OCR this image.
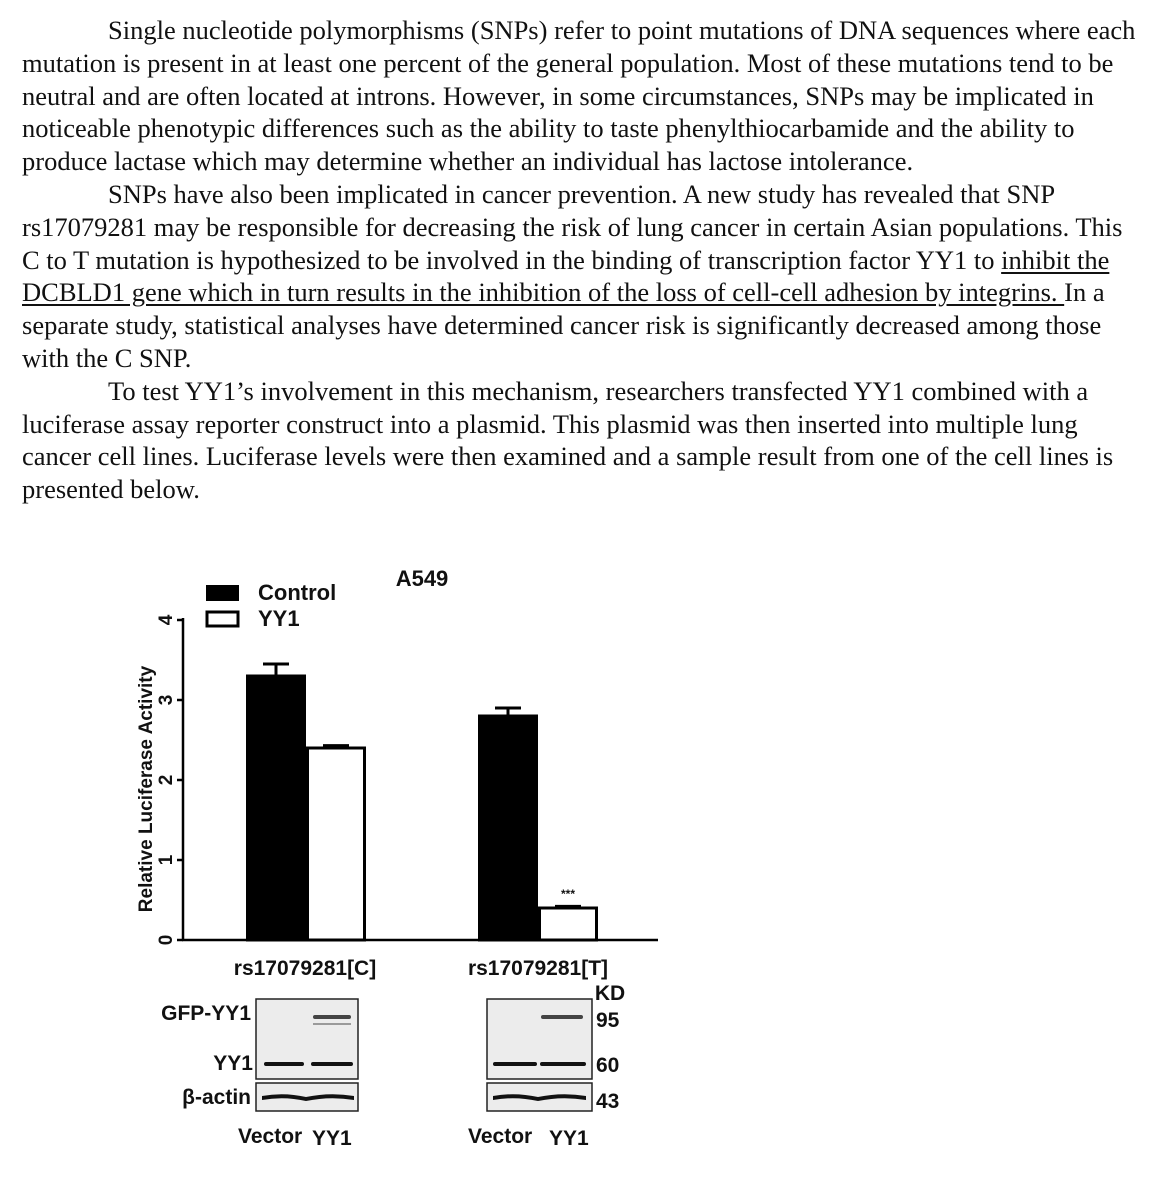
Single nucleotide polymorphisms (SNPs) refer to point mutations of DNA sequences where each mutation is present in at least one percent of the general population. Most of these mutations tend to be neutral and are often located at introns. However, in some circumstances, SNPs may be implicated in noticeable phenotypic differences such as the ability to taste phenylthiocarbamide and the ability to produce lactase which may determine whether an individual has lactose intolerance.

SNPs have also been implicated in cancer prevention. A new study has revealed that SNP rs17079281 may be responsible for decreasing the risk of lung cancer in certain Asian populations. This C to T mutation is hypothesized to be involved in the binding of transcription factor YY1 to inhibit the DCBLD1 gene which in turn results in the inhibition of the loss of cell-cell adhesion by integrins. In a separate study, statistical analyses have determined cancer risk is significantly decreased among those with the C SNP.

To test YY1’s involvement in this mechanism, researchers transfected YY1 combined with a luciferase assay reporter construct into a plasmid. This plasmid was then inserted into multiple lung cancer cell lines. Luciferase levels were then examined and a sample result from one of the cell lines is presented below.

A549
Control
YY1
Relative Luciferase Activity
0
1
2
3
4
***
rs17079281[C]	rs17079281[T]
KD
GFP-YY1
YY1
β-actin
95
60
43
Vector YY1	Vector YY1
